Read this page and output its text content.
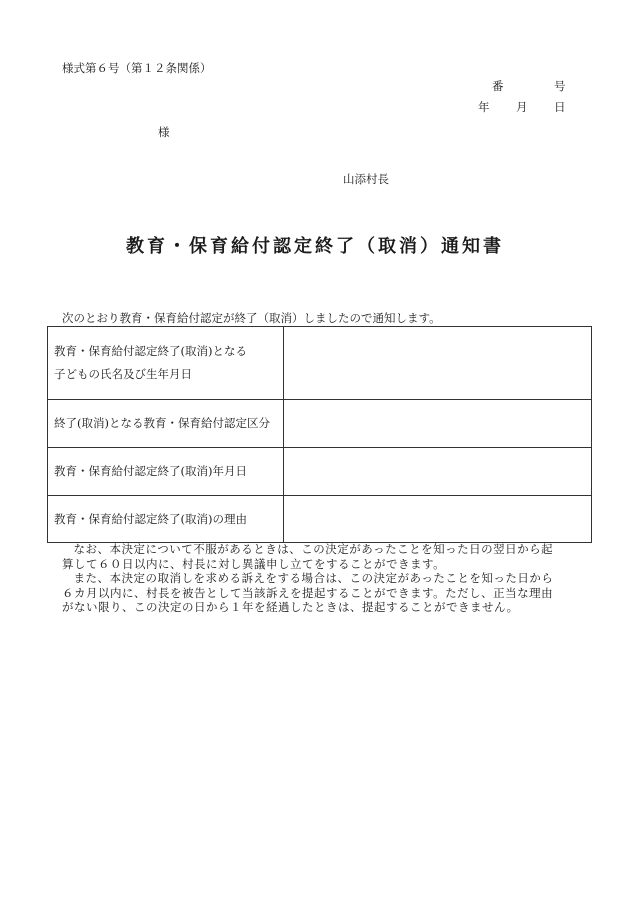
様式第６号（第１２条関係）
番	号
年 月 日
様
山添村長
教育・保育給付認定終了（取消）通知書
次のとおり教育・保育給付認定が終了（取消）しましたので通知します。
教育・保育給付認定終了(取消)となる
子どもの氏名及び生年月日	

終了(取消)となる教育・保育給付認定区分	

教育・保育給付認定終了(取消)年月日	

教育・保育給付認定終了(取消)の理由	

なお、本決定について不服があるときは、この決定があったことを知った日の翌日から起算して６０日以内に、村長に対し異議申し立てをすることができます。

また、本決定の取消しを求める訴えをする場合は、この決定があったことを知った日から６カ月以内に、村長を被告として当該訴えを提起することができます。ただし、正当な理由がない限り、この決定の日から１年を経過したときは、提起することができません。
